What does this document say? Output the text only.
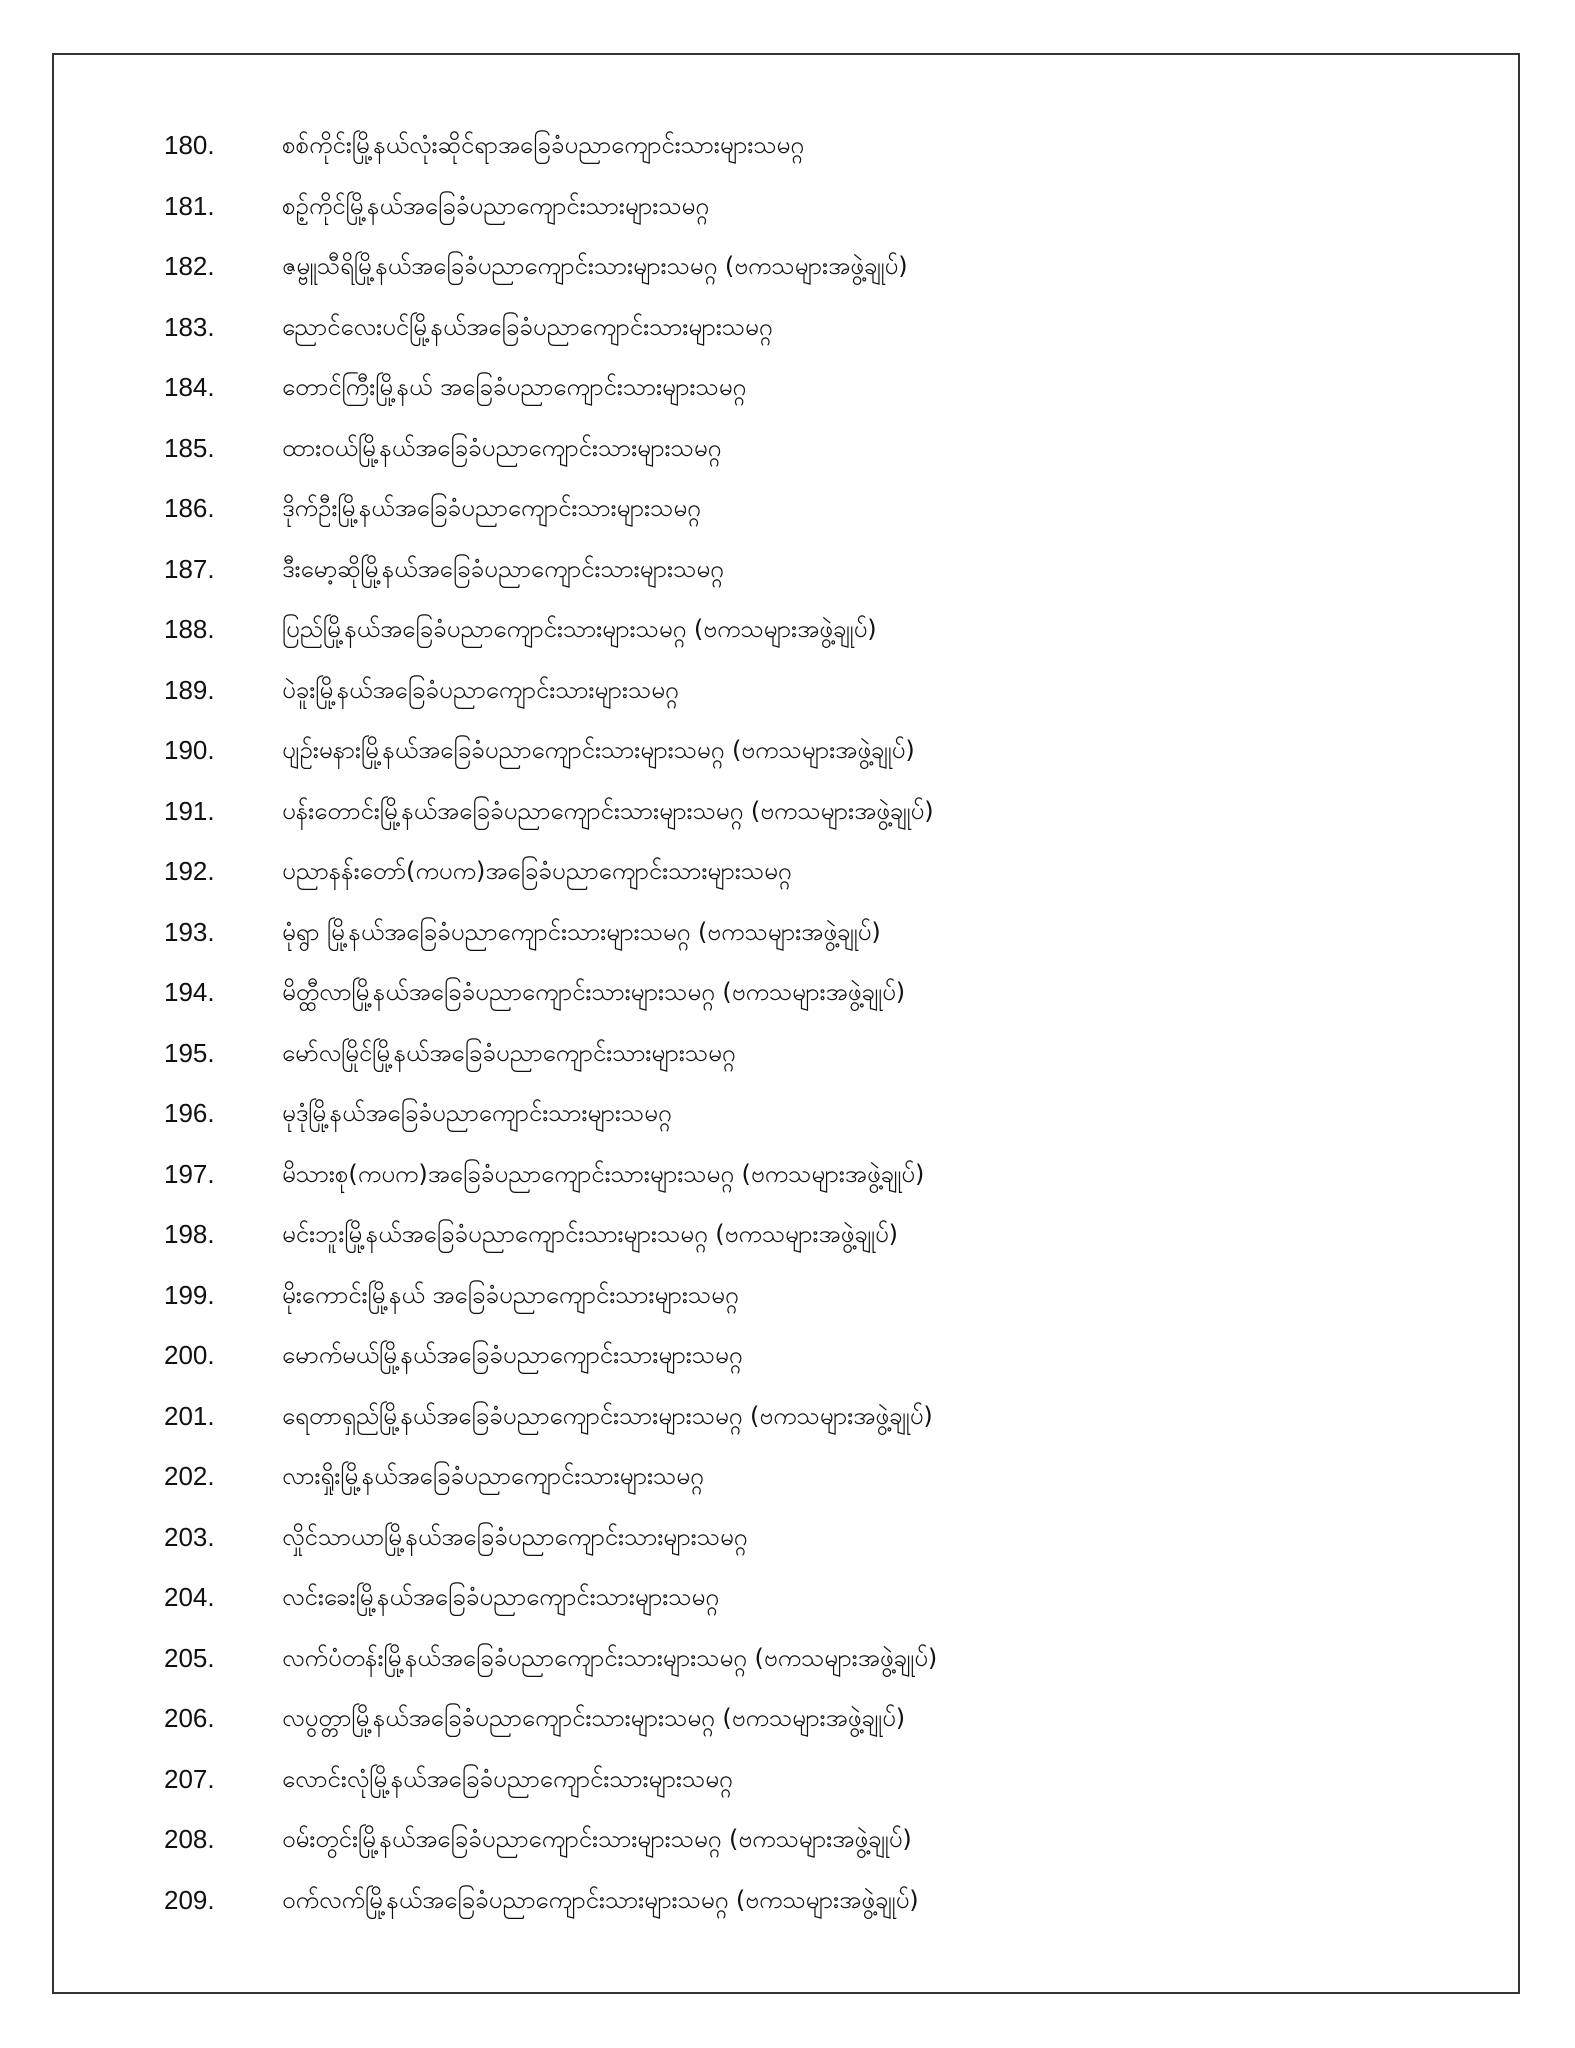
180.	စစ်ကိုင်းမြို့နယ်လုံးဆိုင်ရာအခြေခံပညာကျောင်းသားများသမဂ္ဂ
181.	စဥ့်ကိုင်မြို့နယ်အခြေခံပညာကျောင်းသားများသမဂ္ဂ
182.	ဇမ္ဗူသီရိမြို့နယ်အခြေခံပညာကျောင်းသားများသမဂ္ဂ (ဗကသများအဖွဲ့ချုပ်)
183.	ညောင်လေးပင်မြို့နယ်အခြေခံပညာကျောင်းသားများသမဂ္ဂ
184.	တောင်ကြီးမြို့နယ် အခြေခံပညာကျောင်းသားများသမဂ္ဂ
185.	ထားဝယ်မြို့နယ်အခြေခံပညာကျောင်းသားများသမဂ္ဂ
186.	ဒိုက်ဦးမြို့နယ်အခြေခံပညာကျောင်းသားများသမဂ္ဂ
187.	ဒီးမော့ဆိုမြို့နယ်အခြေခံပညာကျောင်းသားများသမဂ္ဂ
188.	ပြည်မြို့နယ်အခြေခံပညာကျောင်းသားများသမဂ္ဂ (ဗကသများအဖွဲ့ချုပ်)
189.	ပဲခူးမြို့နယ်အခြေခံပညာကျောင်းသားများသမဂ္ဂ
190.	ပျဉ်းမနားမြို့နယ်အခြေခံပညာကျောင်းသားများသမဂ္ဂ (ဗကသများအဖွဲ့ချုပ်)
191.	ပန်းတောင်းမြို့နယ်အခြေခံပညာကျောင်းသားများသမဂ္ဂ (ဗကသများအဖွဲ့ချုပ်)
192.	ပညာနန်းတော်(ကပက)အခြေခံပညာကျောင်းသားများသမဂ္ဂ
193.	မုံရွာ မြို့နယ်အခြေခံပညာကျောင်းသားများသမဂ္ဂ (ဗကသများအဖွဲ့ချုပ်)
194.	မိတ္ထီလာမြို့နယ်အခြေခံပညာကျောင်းသားများသမဂ္ဂ (ဗကသများအဖွဲ့ချုပ်)
195.	မော်လမြိုင်မြို့နယ်အခြေခံပညာကျောင်းသားများသမဂ္ဂ
196.	မုဒုံမြို့နယ်အခြေခံပညာကျောင်းသားများသမဂ္ဂ
197.	မိသားစု(ကပက)အခြေခံပညာကျောင်းသားများသမဂ္ဂ (ဗကသများအဖွဲ့ချုပ်)
198.	မင်းဘူးမြို့နယ်အခြေခံပညာကျောင်းသားများသမဂ္ဂ (ဗကသများအဖွဲ့ချုပ်)
199.	မိုးကောင်းမြို့နယ် အခြေခံပညာကျောင်းသားများသမဂ္ဂ
200.	မောက်မယ်မြို့နယ်အခြေခံပညာကျောင်းသားများသမဂ္ဂ
201.	ရေတာရှည်မြို့နယ်အခြေခံပညာကျောင်းသားများသမဂ္ဂ (ဗကသများအဖွဲ့ချုပ်)
202.	လားရှိုးမြို့နယ်အခြေခံပညာကျောင်းသားများသမဂ္ဂ
203.	လှိုင်သာယာမြို့နယ်အခြေခံပညာကျောင်းသားများသမဂ္ဂ
204.	လင်းခေးမြို့နယ်အခြေခံပညာကျောင်းသားများသမဂ္ဂ
205.	လက်ပံတန်းမြို့နယ်အခြေခံပညာကျောင်းသားများသမဂ္ဂ (ဗကသများအဖွဲ့ချုပ်)
206.	လပွတ္တာမြို့နယ်အခြေခံပညာကျောင်းသားများသမဂ္ဂ (ဗကသများအဖွဲ့ချုပ်)
207.	လောင်းလုံမြို့နယ်အခြေခံပညာကျောင်းသားများသမဂ္ဂ
208.	ဝမ်းတွင်းမြို့နယ်အခြေခံပညာကျောင်းသားများသမဂ္ဂ (ဗကသများအဖွဲ့ချုပ်)
209.	ဝက်လက်မြို့နယ်အခြေခံပညာကျောင်းသားများသမဂ္ဂ (ဗကသများအဖွဲ့ချုပ်)
